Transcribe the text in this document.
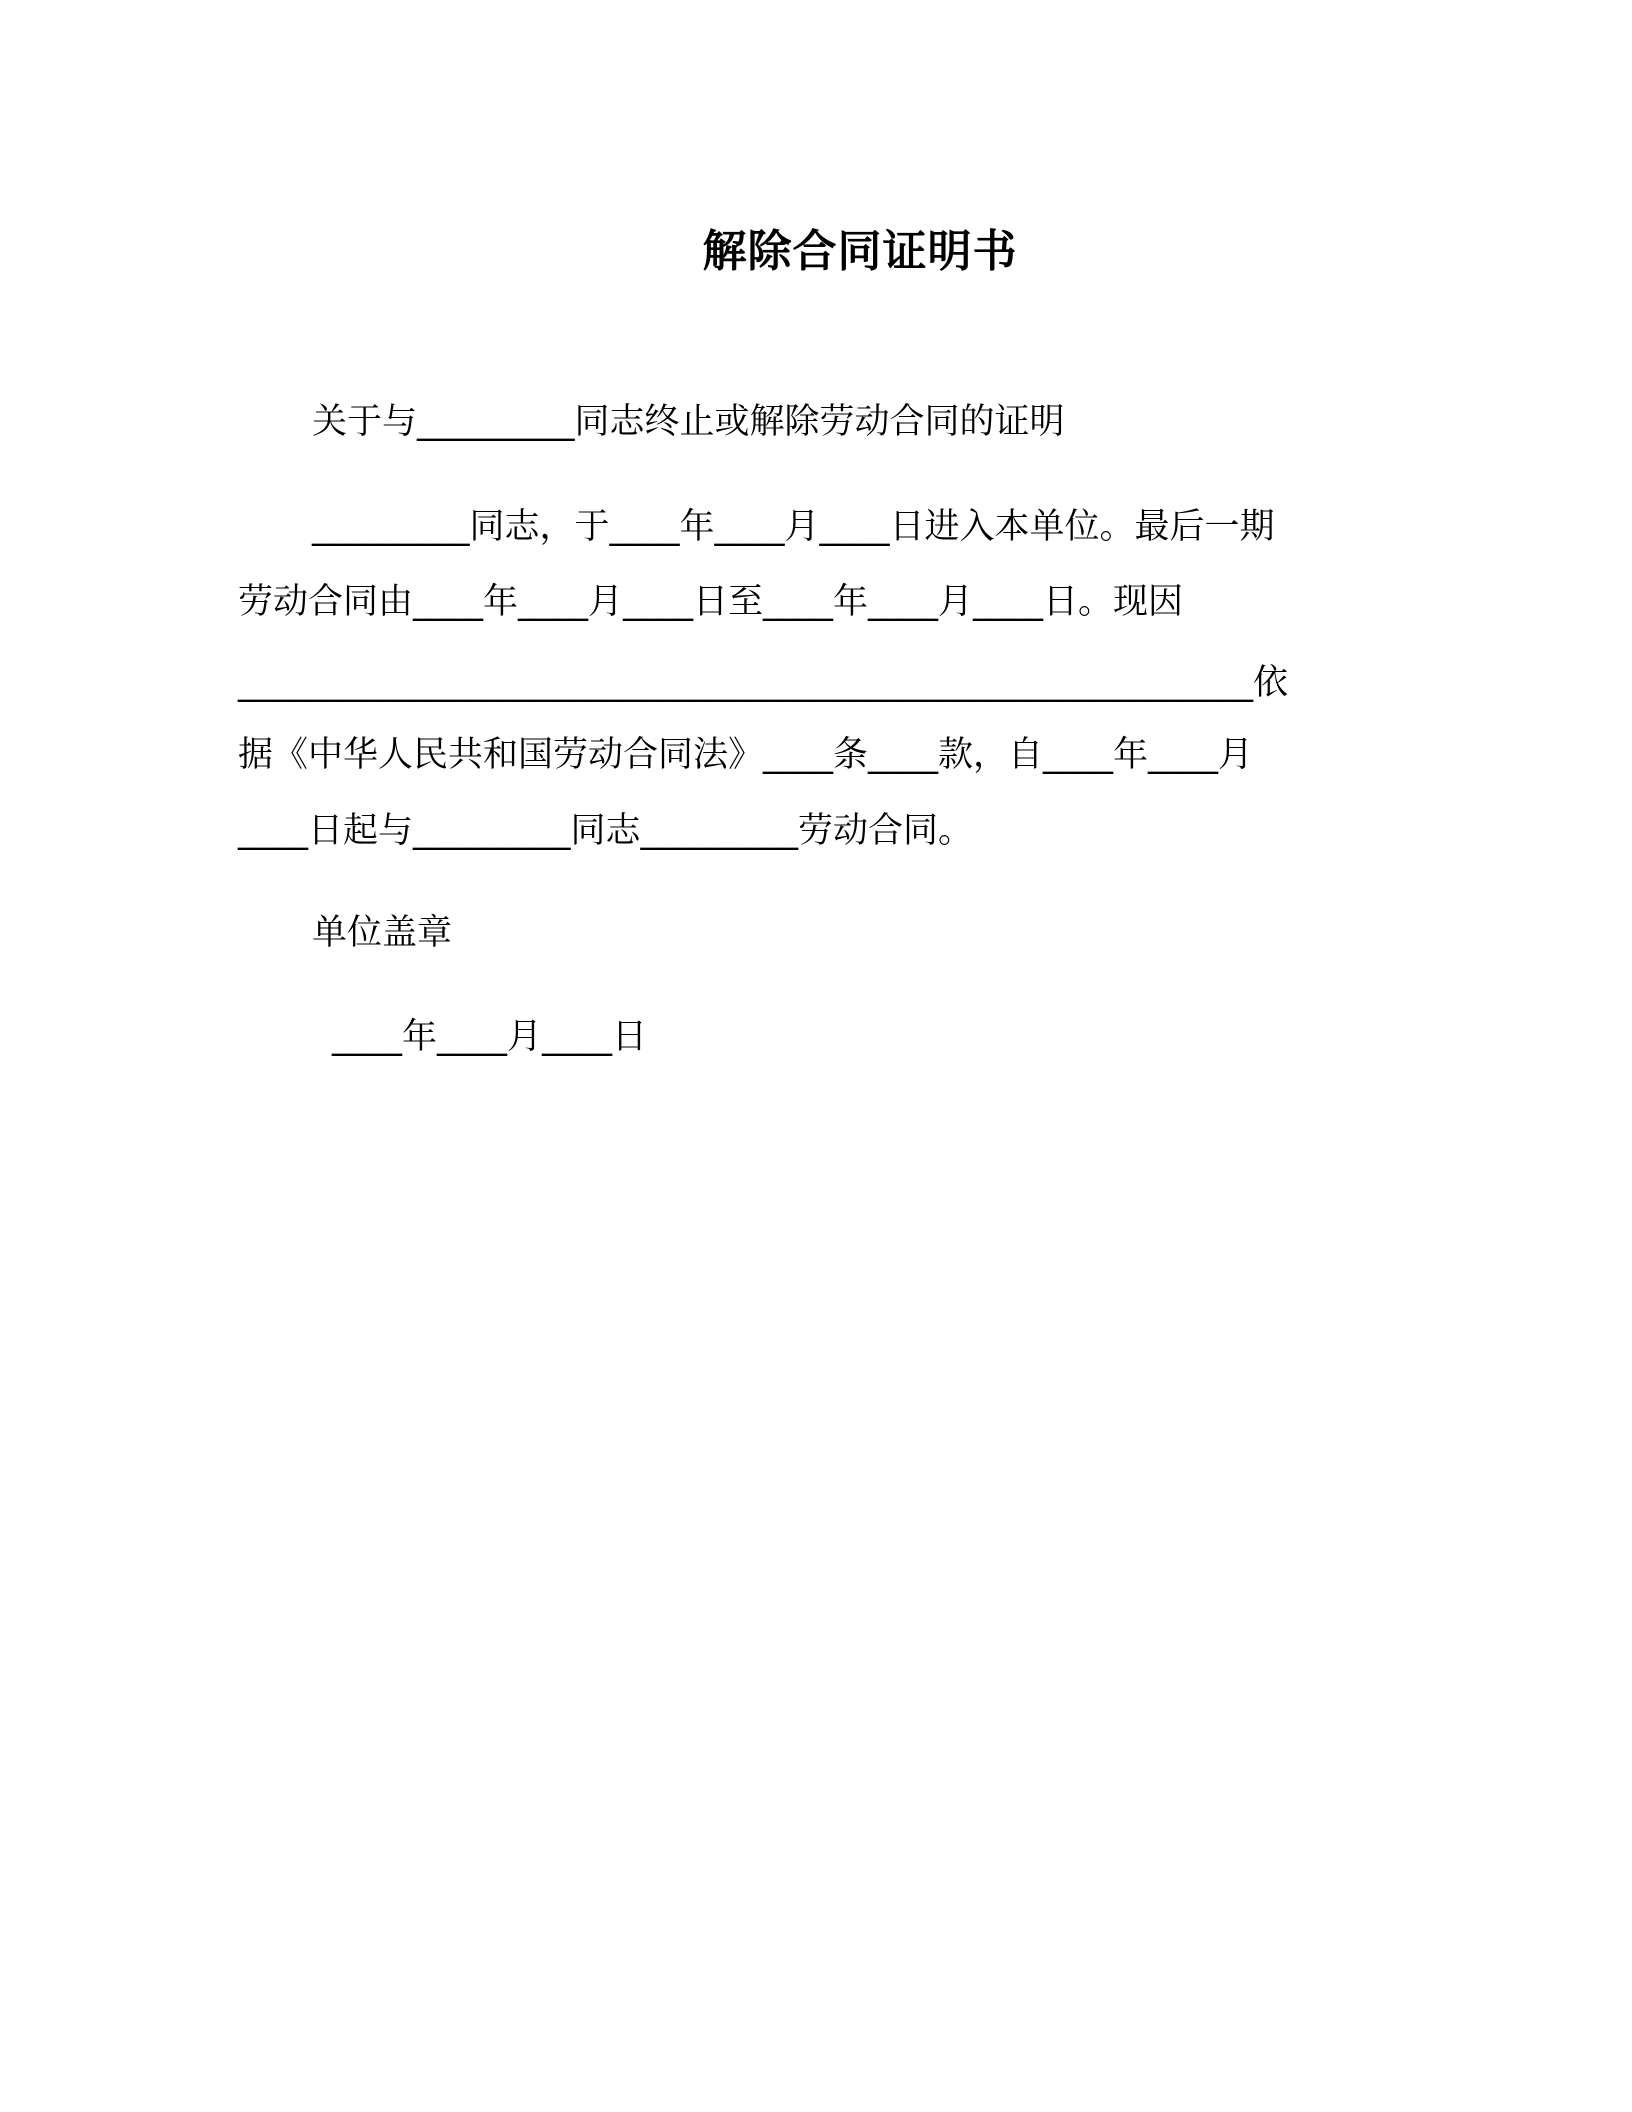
解除合同证明书
关于与_________同志终止或解除劳动合同的证明
_________同志，于____年____月____日进入本单位。最后一期
劳动合同由____年____月____日至____年____月____日。现因
__________________________________________________________依
据《中华人民共和国劳动合同法》____条____款，自____年____月
____日起与_________同志_________劳动合同。
单位盖章
____年____月____日
